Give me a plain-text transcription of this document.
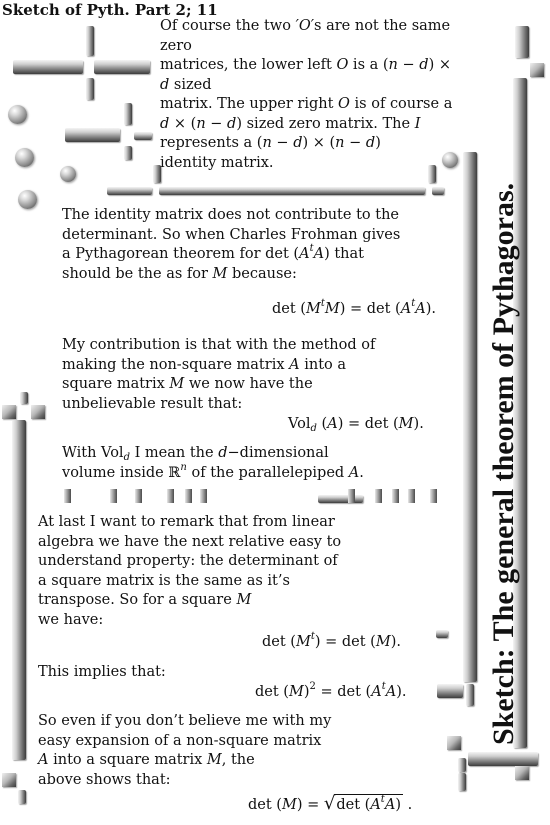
Sketch of Pyth. Part 2; 11
Sketch: The general theorem of Pythagoras.
Of course the two ′O′s are not the same zero
matrices, the lower left O is a (n − d) × d sized
matrix. The upper right O is of course a
d × (n − d) sized zero matrix. The I
represents a (n − d) × (n − d)
identity matrix.
The identity matrix does not contribute to the
determinant. So when Charles Frohman gives
a Pythagorean theorem for $\det (A^tA)$ that
should be the as for M because:
$\det (M^tM) = \det (A^tA)$.
My contribution is that with the method of
making the non-square matrix A into a
square matrix M we now have the
unbelievable result that:
Vol$_d$ (A) = det (M).
With Vol$_d$ I mean the d−dimensional
volume inside ℝ$^n$ of the parallelepiped A.
At last I want to remark that from linear
algebra we have the next relative easy to
understand property: the determinant of
a square matrix is the same as it’s
transpose. So for a square M
we have:
$\det (M^t) = \det (M)$.
This implies that:
$\det (M)^2 = \det (A^tA)$.
So even if you don’t believe me with my
easy expansion of a non-square matrix
A into a square matrix M, the
above shows that:
det (M) = √det $(A^tA)$ .
